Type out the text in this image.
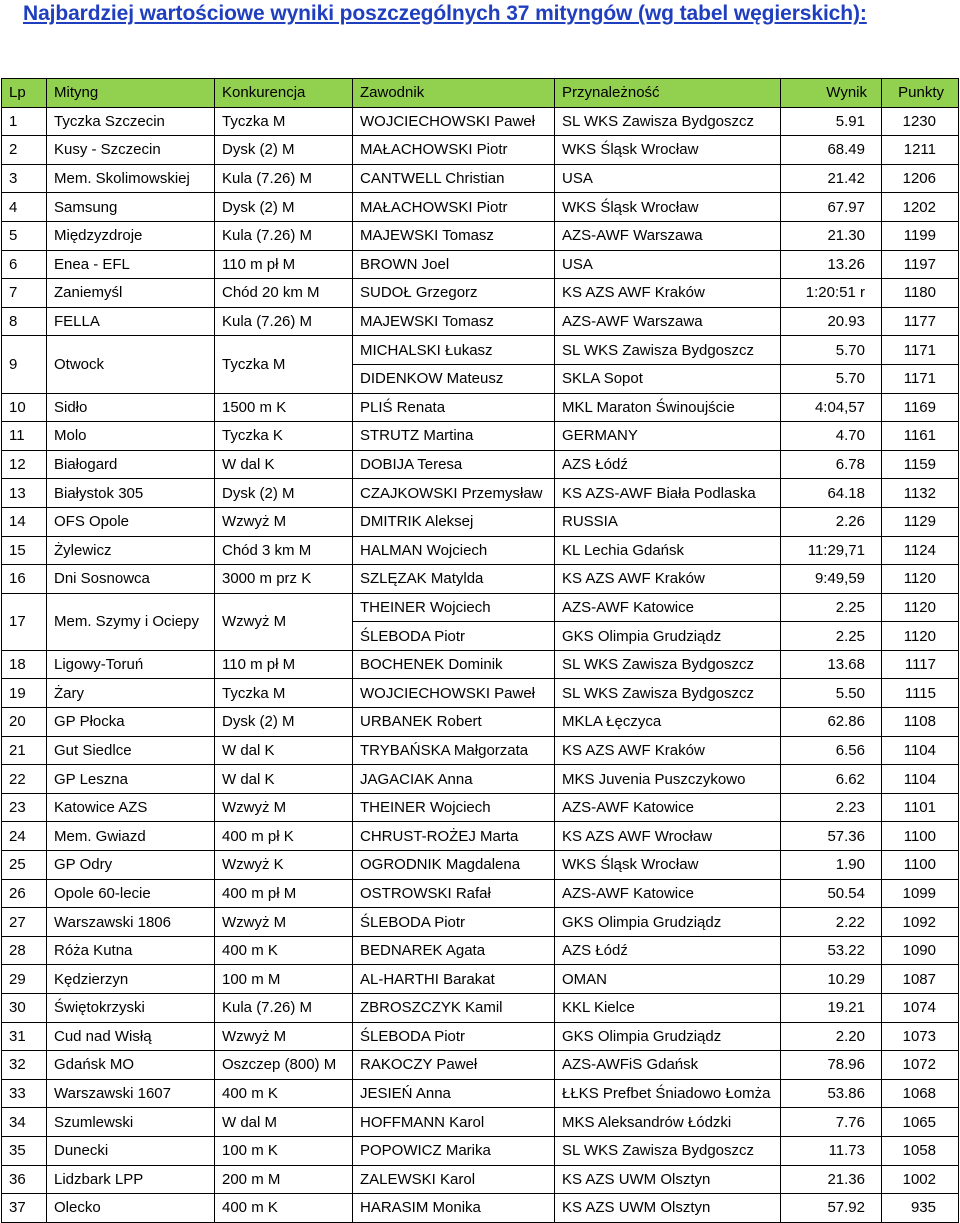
Najbardziej wartościowe wyniki poszczególnych 37 mityngów (wg tabel węgierskich):
Lp	Mityng	Konkurencja	Zawodnik	Przynależność	Wynik	Punkty
1	Tyczka Szczecin	Tyczka M	WOJCIECHOWSKI Paweł	SL WKS Zawisza Bydgoszcz	5.91	1230
2	Kusy - Szczecin	Dysk (2) M	MAŁACHOWSKI Piotr	WKS Śląsk Wrocław	68.49	1211
3	Mem. Skolimowskiej	Kula (7.26) M	CANTWELL Christian	USA	21.42	1206
4	Samsung	Dysk (2) M	MAŁACHOWSKI Piotr	WKS Śląsk Wrocław	67.97	1202
5	Międzyzdroje	Kula (7.26) M	MAJEWSKI Tomasz	AZS-AWF Warszawa	21.30	1199
6	Enea - EFL	110 m pł M	BROWN Joel	USA	13.26	1197
7	Zaniemyśl	Chód 20 km M	SUDOŁ Grzegorz	KS AZS AWF Kraków	1:20:51 r	1180
8	FELLA	Kula (7.26) M	MAJEWSKI Tomasz	AZS-AWF Warszawa	20.93	1177
9	Otwock	Tyczka M	MICHALSKI Łukasz	SL WKS Zawisza Bydgoszcz	5.70	1171
			DIDENKOW Mateusz	SKLA Sopot	5.70	1171
10	Sidło	1500 m K	PLIŚ Renata	MKL Maraton Świnoujście	4:04,57	1169
11	Molo	Tyczka K	STRUTZ Martina	GERMANY	4.70	1161
12	Białogard	W dal K	DOBIJA Teresa	AZS Łódź	6.78	1159
13	Białystok 305	Dysk (2) M	CZAJKOWSKI Przemysław	KS AZS-AWF Biała Podlaska	64.18	1132
14	OFS Opole	Wzwyż M	DMITRIK Aleksej	RUSSIA	2.26	1129
15	Żylewicz	Chód 3 km M	HALMAN Wojciech	KL Lechia Gdańsk	11:29,71	1124
16	Dni Sosnowca	3000 m prz K	SZLĘZAK Matylda	KS AZS AWF Kraków	9:49,59	1120
17	Mem. Szymy i Ociepy	Wzwyż M	THEINER Wojciech	AZS-AWF Katowice	2.25	1120
			ŚLEBODA Piotr	GKS Olimpia Grudziądz	2.25	1120
18	Ligowy-Toruń	110 m pł M	BOCHENEK Dominik	SL WKS Zawisza Bydgoszcz	13.68	1117
19	Żary	Tyczka M	WOJCIECHOWSKI Paweł	SL WKS Zawisza Bydgoszcz	5.50	1115
20	GP Płocka	Dysk (2) M	URBANEK Robert	MKLA Łęczyca	62.86	1108
21	Gut Siedlce	W dal K	TRYBAŃSKA Małgorzata	KS AZS AWF Kraków	6.56	1104
22	GP Leszna	W dal K	JAGACIAK Anna	MKS Juvenia Puszczykowo	6.62	1104
23	Katowice AZS	Wzwyż M	THEINER Wojciech	AZS-AWF Katowice	2.23	1101
24	Mem. Gwiazd	400 m pł K	CHRUST-ROŻEJ Marta	KS AZS AWF Wrocław	57.36	1100
25	GP Odry	Wzwyż K	OGRODNIK Magdalena	WKS Śląsk Wrocław	1.90	1100
26	Opole 60-lecie	400 m pł M	OSTROWSKI Rafał	AZS-AWF Katowice	50.54	1099
27	Warszawski 1806	Wzwyż M	ŚLEBODA Piotr	GKS Olimpia Grudziądz	2.22	1092
28	Róża Kutna	400 m K	BEDNAREK Agata	AZS Łódź	53.22	1090
29	Kędzierzyn	100 m M	AL-HARTHI Barakat	OMAN	10.29	1087
30	Świętokrzyski	Kula (7.26) M	ZBROSZCZYK Kamil	KKL Kielce	19.21	1074
31	Cud nad Wisłą	Wzwyż M	ŚLEBODA Piotr	GKS Olimpia Grudziądz	2.20	1073
32	Gdańsk MO	Oszczep (800) M	RAKOCZY Paweł	AZS-AWFiS Gdańsk	78.96	1072
33	Warszawski 1607	400 m K	JESIEŃ Anna	ŁŁKS Prefbet Śniadowo Łomża	53.86	1068
34	Szumlewski	W dal M	HOFFMANN Karol	MKS Aleksandrów Łódzki	7.76	1065
35	Dunecki	100 m K	POPOWICZ Marika	SL WKS Zawisza Bydgoszcz	11.73	1058
36	Lidzbark LPP	200 m M	ZALEWSKI Karol	KS AZS UWM Olsztyn	21.36	1002
37	Olecko	400 m K	HARASIM Monika	KS AZS UWM Olsztyn	57.92	935
